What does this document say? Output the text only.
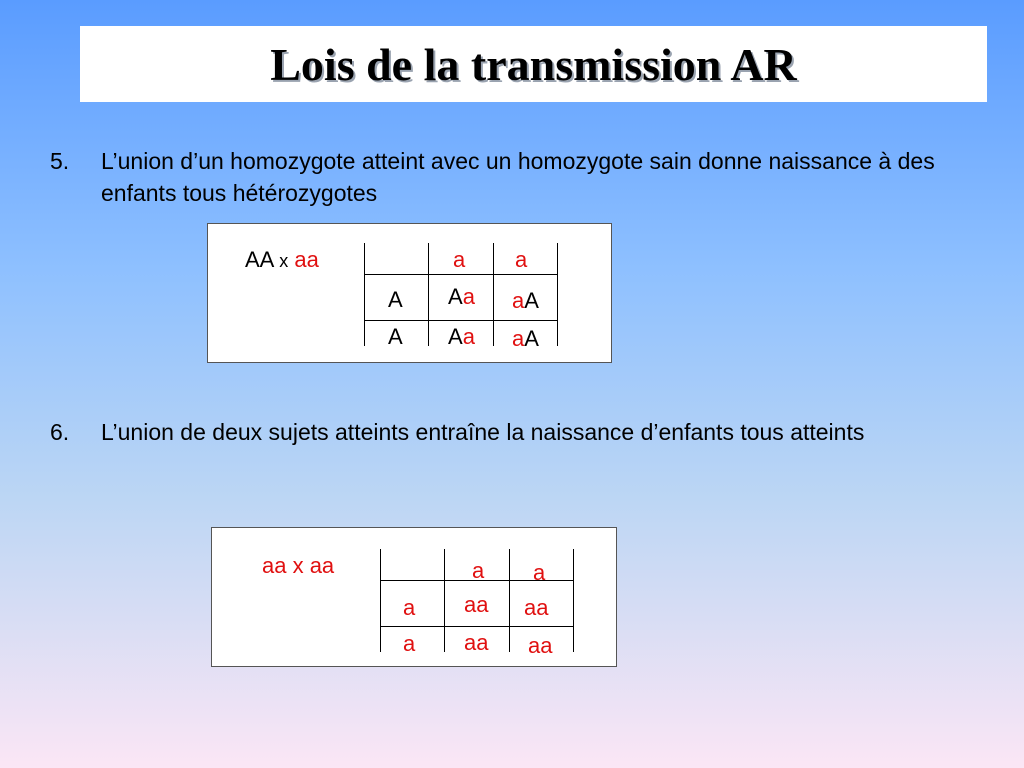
Lois de la transmission AR
5. L’union d’un homozygote atteint avec un homozygote sain donne naissance à des enfants tous hétérozygotes
AA x aa	a a
A
A
Aa aA
Aa aA
6. L’union de deux sujets atteints entraîne la naissance d’enfants tous atteints
aa x aa	a a
a
a
aa aa
aa aa
